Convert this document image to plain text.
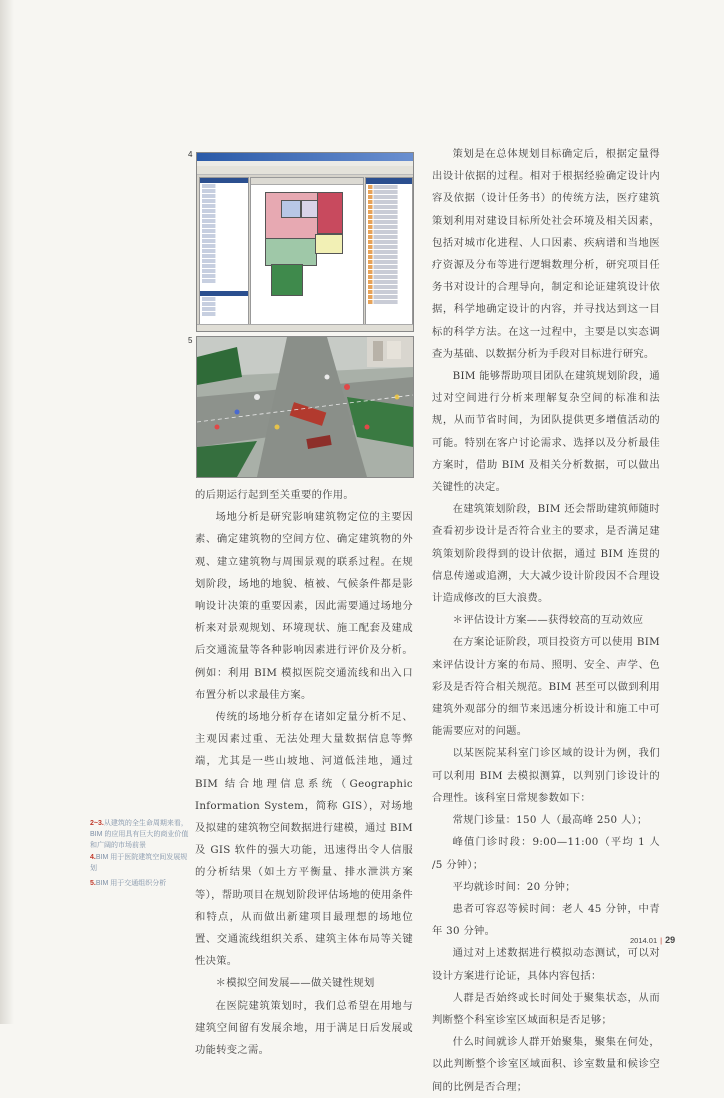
4
5

的后期运行起到至关重要的作用。

场地分析是研究影响建筑物定位的主要因素、确定建筑物的空间方位、确定建筑物的外观、建立建筑物与周围景观的联系过程。在规划阶段，场地的地貌、植被、气候条件都是影响设计决策的重要因素，因此需要通过场地分析来对景观规划、环境现状、施工配套及建成后交通流量等各种影响因素进行评价及分析。例如：利用 BIM 模拟医院交通流线和出入口布置分析以求最佳方案。

传统的场地分析存在诸如定量分析不足、主观因素过重、无法处理大量数据信息等弊端，尤其是一些山坡地、河道低洼地，通过 BIM 结合地理信息系统（Geographic Information System，简称 GIS），对场地及拟建的建筑物空间数据进行建模，通过 BIM 及 GIS 软件的强大功能，迅速得出令人信服的分析结果（如土方平衡量、排水泄洪方案等），帮助项目在规划阶段评估场地的使用条件和特点，从而做出新建项目最理想的场地位置、交通流线组织关系、建筑主体布局等关键性决策。

＊模拟空间发展——做关键性规划

在医院建筑策划时，我们总希望在用地与建筑空间留有发展余地，用于满足日后发展或功能转变之需。

策划是在总体规划目标确定后，根据定量得出设计依据的过程。相对于根据经验确定设计内容及依据（设计任务书）的传统方法，医疗建筑策划利用对建设目标所处社会环境及相关因素，包括对城市化进程、人口因素、疾病谱和当地医疗资源及分布等进行逻辑数理分析，研究项目任务书对设计的合理导向，制定和论证建筑设计依据，科学地确定设计的内容，并寻找达到这一目标的科学方法。在这一过程中，主要是以实态调查为基础、以数据分析为手段对目标进行研究。

BIM 能够帮助项目团队在建筑规划阶段，通过对空间进行分析来理解复杂空间的标准和法规，从而节省时间，为团队提供更多增值活动的可能。特别在客户讨论需求、选择以及分析最佳方案时，借助 BIM 及相关分析数据，可以做出关键性的决定。

在建筑策划阶段，BIM 还会帮助建筑师随时查看初步设计是否符合业主的要求，是否满足建筑策划阶段得到的设计依据，通过 BIM 连贯的信息传递或追溯，大大减少设计阶段因不合理设计造成修改的巨大浪费。

＊评估设计方案——获得较高的互动效应

在方案论证阶段，项目投资方可以使用 BIM 来评估设计方案的布局、照明、安全、声学、色彩及是否符合相关规范。BIM 甚至可以做到利用建筑外观部分的细节来迅速分析设计和施工中可能需要应对的问题。

以某医院某科室门诊区域的设计为例，我们可以利用 BIM 去模拟测算，以判别门诊设计的合理性。该科室日常规参数如下：

常规门诊量：150 人（最高峰 250 人）；

峰值门诊时段：9:00—11:00（平均 1 人 /5 分钟）；

平均就诊时间：20 分钟；

患者可容忍等候时间：老人 45 分钟，中青年 30 分钟。

通过对上述数据进行模拟动态测试，可以对设计方案进行论证，具体内容包括：

人群是否始终或长时间处于聚集状态，从而判断整个科室诊室区域面积是否足够；

什么时间就诊人群开始聚集，聚集在何处，以此判断整个诊室区域面积、诊室数量和候诊空间的比例是否合理；

2~3.从建筑的全生命周期来看，BIM 的应用具有巨大的商业价值和广阔的市场前景
4.BIM 用于医院建筑空间发展规划
5.BIM 用于交通组织分析
2014.01 | 29
